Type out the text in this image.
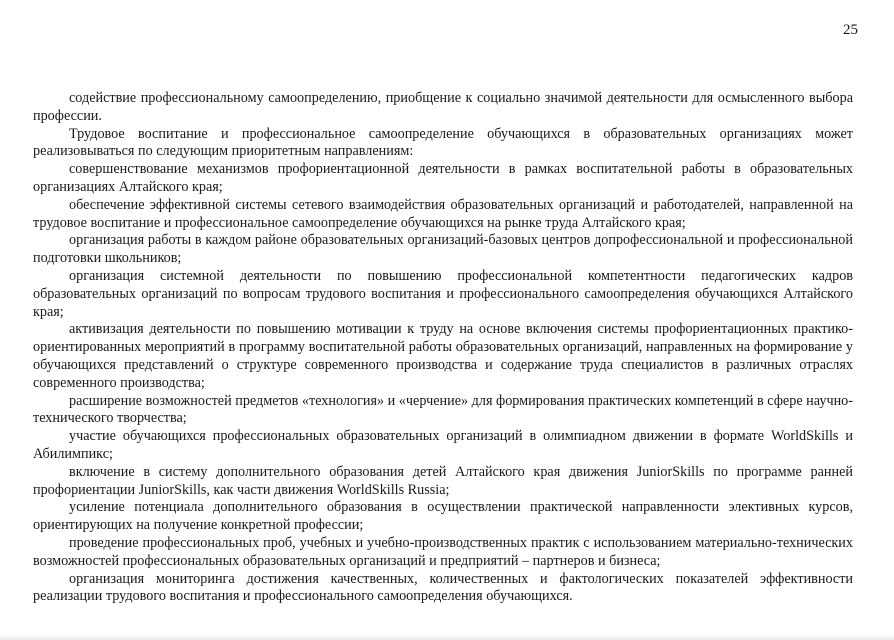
25

содействие профессиональному самоопределению, приобщение к социально значимой деятельности для осмысленного выбора профессии.

Трудовое воспитание и профессиональное самоопределение обучающихся в образовательных организациях может реализовываться по следующим приоритетным направлениям:

совершенствование механизмов профориентационной деятельности в рамках воспитательной работы в образовательных организациях Алтайского края;

обеспечение эффективной системы сетевого взаимодействия образовательных организаций и работодателей, направленной на трудовое воспитание и профессиональное самоопределение обучающихся на рынке труда Алтайского края;

организация работы в каждом районе образовательных организаций-базовых центров допрофессиональной и профессиональной подготовки школьников;

организация системной деятельности по повышению профессиональной компетентности педагогических кадров образовательных организаций по вопросам трудового воспитания и профессионального самоопределения обучающихся Алтайского края;

активизация деятельности по повышению мотивации к труду на основе включения системы профориентационных практико-ориентированных мероприятий в программу воспитательной работы образовательных организаций, направленных на формирование у обучающихся представлений о структуре современного производства и содержание труда специалистов в различных отраслях современного производства;

расширение возможностей предметов «технология» и «черчение» для формирования практических компетенций в сфере научно-технического творчества;

участие обучающихся профессиональных образовательных организаций в олимпиадном движении в формате WorldSkills и Абилимпикс;

включение в систему дополнительного образования детей Алтайского края движения JuniorSkills по программе ранней профориентации JuniorSkills, как части движения WorldSkills Russia;

усиление потенциала дополнительного образования в осуществлении практической направленности элективных курсов, ориентирующих на получение конкретной профессии;

проведение профессиональных проб, учебных и учебно-производственных практик с использованием материально-технических возможностей профессиональных образовательных организаций и предприятий – партнеров и бизнеса;

организация мониторинга достижения качественных, количественных и фактологических показателей эффективности реализации трудового воспитания и профессионального самоопределения обучающихся.
